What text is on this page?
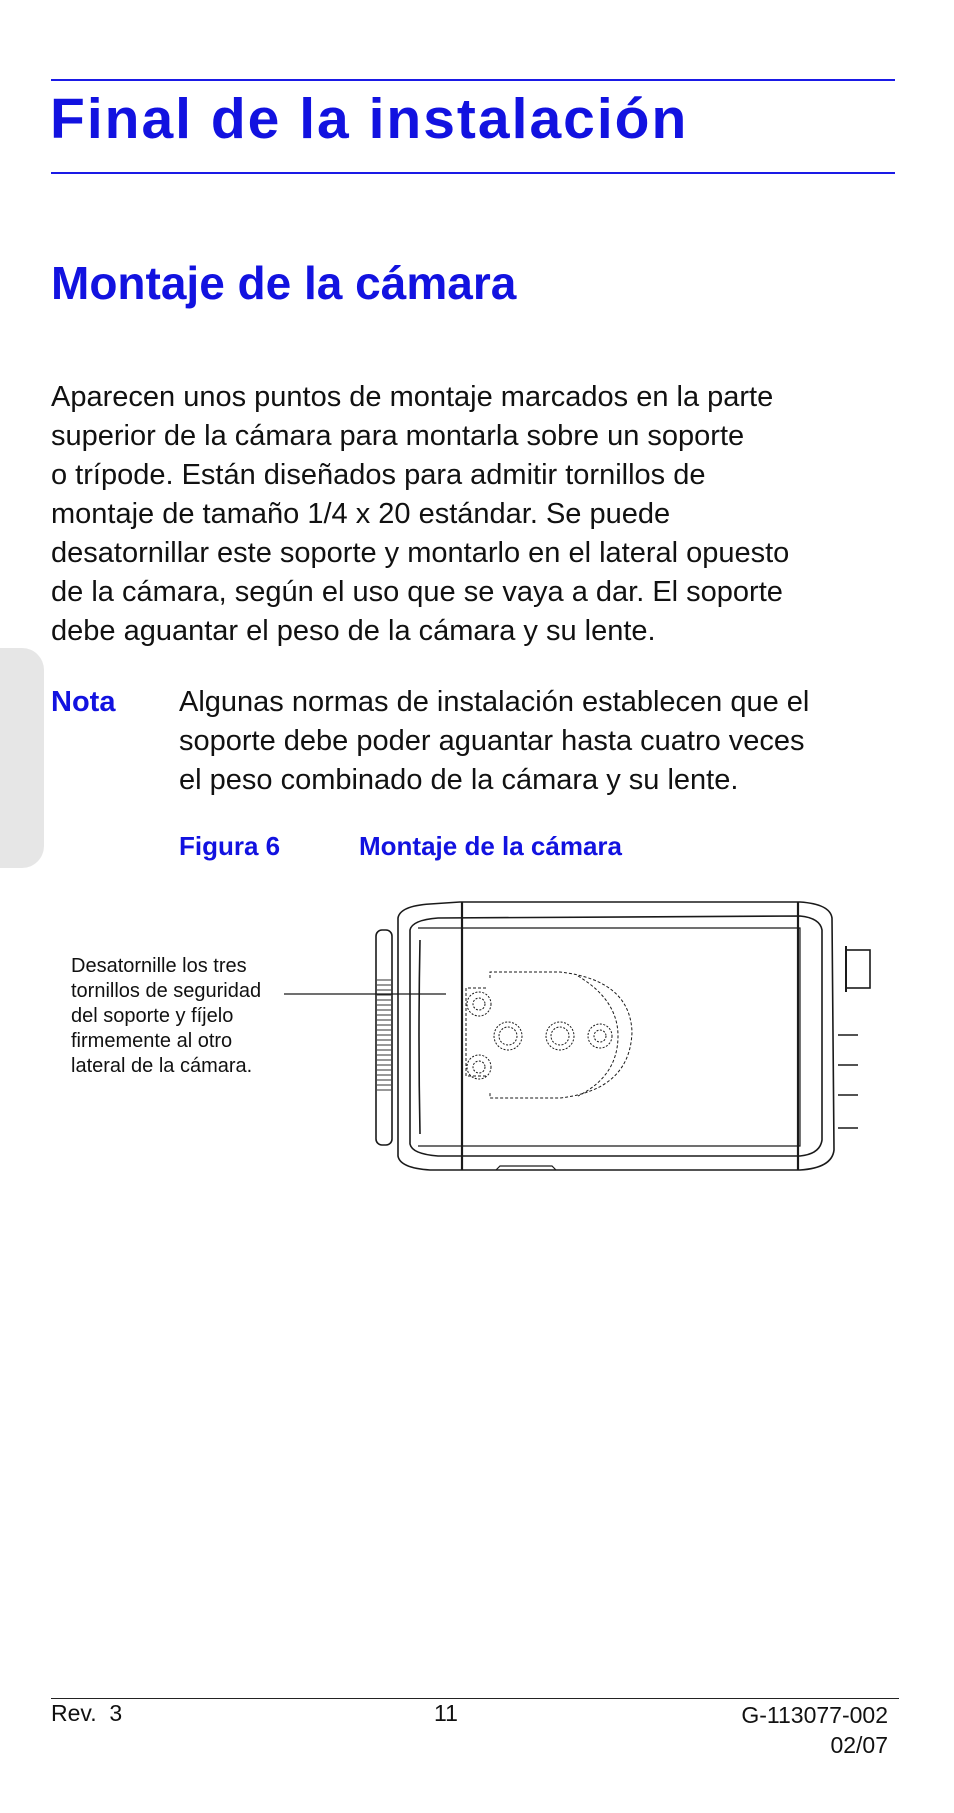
Final de la instalación
Montaje de la cámara

Aparecen unos puntos de montaje marcados en la parte
superior de la cámara para montarla sobre un soporte
o trípode. Están diseñados para admitir tornillos de
montaje de tamaño 1/4 x 20 estándar. Se puede
desatornillar este soporte y montarlo en el lateral opuesto
de la cámara, según el uso que se vaya a dar. El soporte
debe aguantar el peso de la cámara y su lente.

Nota Algunas normas de instalación establecen que el
soporte debe poder aguantar hasta cuatro veces
el peso combinado de la cámara y su lente.
Figura 6	Montaje de la cámara
Desatornille los tres
tornillos de seguridad
del soporte y fíjelo
firmemente al otro
lateral de la cámara.
Rev.  3	11	G-113077-002
02/07
